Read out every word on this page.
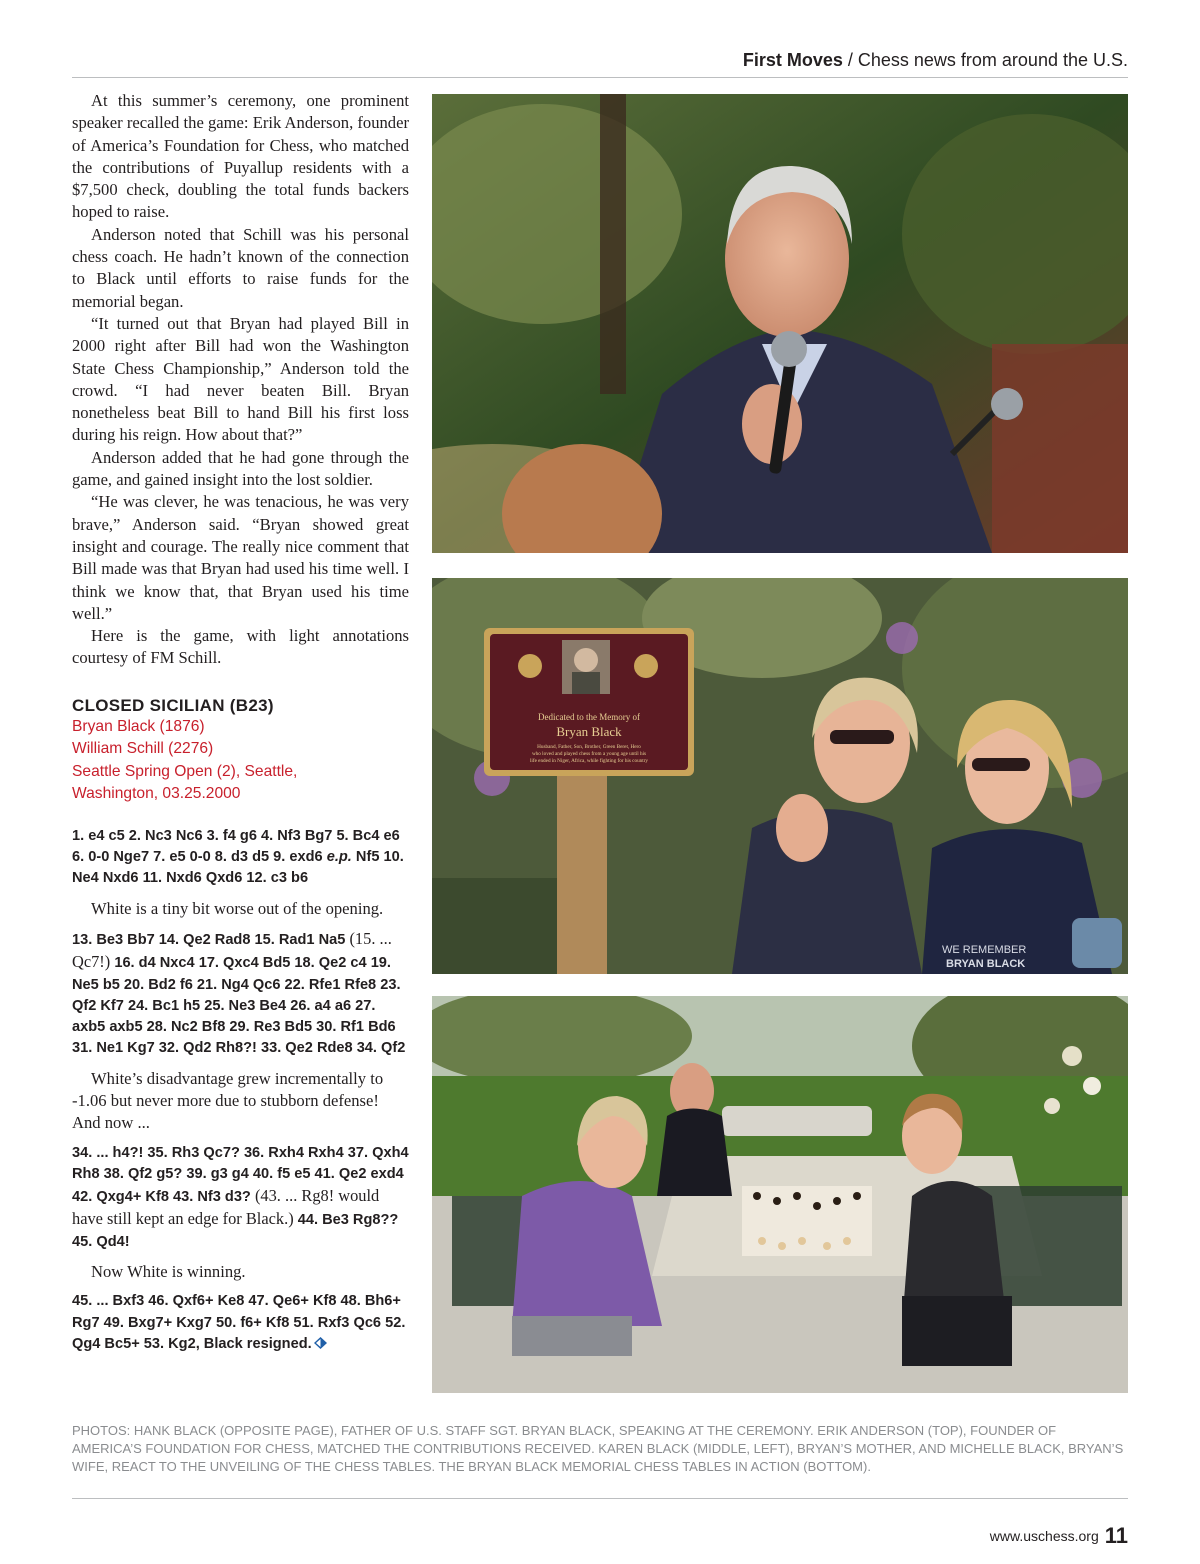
First Moves / Chess news from around the U.S.

At this summer’s ceremony, one prominent speaker recalled the game: Erik Anderson, founder of America’s Foundation for Chess, who matched the contributions of Puyallup residents with a $7,500 check, doubling the total funds backers hoped to raise.

Anderson noted that Schill was his personal chess coach. He hadn’t known of the connection to Black until efforts to raise funds for the memorial began.

“It turned out that Bryan had played Bill in 2000 right after Bill had won the Washington State Chess Championship,” Anderson told the crowd. “I had never beaten Bill. Bryan nonetheless beat Bill to hand Bill his first loss during his reign. How about that?”

Anderson added that he had gone through the game, and gained insight into the lost soldier.

“He was clever, he was tenacious, he was very brave,” Anderson said. “Bryan showed great insight and courage. The really nice comment that Bill made was that Bryan had used his time well. I think we know that, that Bryan used his time well.”

Here is the game, with light annotations courtesy of FM Schill.

CLOSED SICILIAN (B23)
Bryan Black (1876)
William Schill (2276)
Seattle Spring Open (2), Seattle,
Washington, 03.25.2000

1. e4 c5 2. Nc3 Nc6 3. f4 g6 4. Nf3 Bg7 5. Bc4 e6 6. 0-0 Nge7 7. e5 0-0 8. d3 d5 9. exd6 e.p. Nf5 10. Ne4 Nxd6 11. Nxd6 Qxd6 12. c3 b6

White is a tiny bit worse out of the opening.

13. Be3 Bb7 14. Qe2 Rad8 15. Rad1 Na5 (15. ... Qc7!) 16. d4 Nxc4 17. Qxc4 Bd5 18. Qe2 c4 19. Ne5 b5 20. Bd2 f6 21. Ng4 Qc6 22. Rfe1 Rfe8 23. Qf2 Kf7 24. Bc1 h5 25. Ne3 Be4 26. a4 a6 27. axb5 axb5 28. Nc2 Bf8 29. Re3 Bd5 30. Rf1 Bd6 31. Ne1 Kg7 32. Qd2 Rh8?! 33. Qe2 Rde8 34. Qf2

White’s disadvantage grew incrementally to -1.06 but never more due to stubborn defense! And now ...

34. ... h4?! 35. Rh3 Qc7? 36. Rxh4 Rxh4 37. Qxh4 Rh8 38. Qf2 g5? 39. g3 g4 40. f5 e5 41. Qe2 exd4 42. Qxg4+ Kf8 43. Nf3 d3? (43. ... Rg8! would have still kept an edge for Black.) 44. Be3 Rg8?? 45. Qd4!

Now White is winning.

45. ... Bxf3 46. Qxf6+ Ke8 47. Qe6+ Kf8 48. Bh6+ Rg7 49. Bxg7+ Kxg7 50. f6+ Kf8 51. Rxf3 Qc6 52. Qg4 Bc5+ 53. Kg2, Black resigned.

Dedicated to the Memory of
Bryan Black
Husband, Father, Son, Brother, Green Beret, Hero
who loved and played chess from a young age until his
life ended in Niger, Africa, while fighting for his country
WE REMEMBER
BRYAN BLACK
PHOTOS: HANK BLACK (OPPOSITE PAGE), FATHER OF U.S. STAFF SGT. BRYAN BLACK, SPEAKING AT THE CEREMONY. ERIK ANDERSON (TOP), FOUNDER OF AMERICA’S FOUNDATION FOR CHESS, MATCHED THE CONTRIBUTIONS RECEIVED. KAREN BLACK (MIDDLE, LEFT), BRYAN’S MOTHER, AND MICHELLE BLACK, BRYAN’S WIFE, REACT TO THE UNVEILING OF THE CHESS TABLES. THE BRYAN BLACK MEMORIAL CHESS TABLES IN ACTION (BOTTOM).
www.uschess.org 11
